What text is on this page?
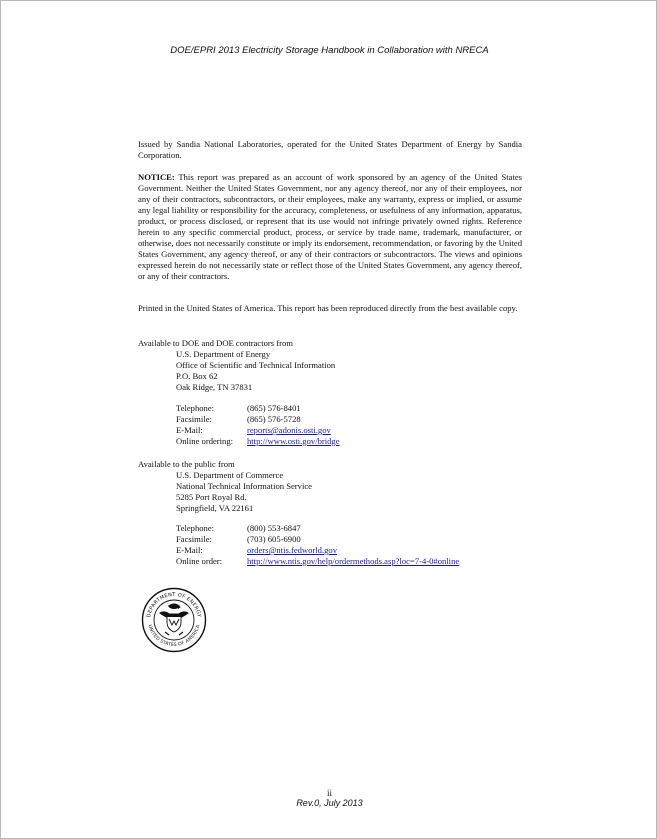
DOE/EPRI 2013 Electricity Storage Handbook in Collaboration with NRECA
Issued by Sandia National Laboratories, operated for the United States Department of Energy by Sandia Corporation.
NOTICE: This report was prepared as an account of work sponsored by an agency of the United States Government. Neither the United States Government, nor any agency thereof, nor any of their employees, nor any of their contractors, subcontractors, or their employees, make any warranty, express or implied, or assume any legal liability or responsibility for the accuracy, completeness, or usefulness of any information, apparatus, product, or process disclosed, or represent that its use would not infringe privately owned rights. Reference herein to any specific commercial product, process, or service by trade name, trademark, manufacturer, or otherwise, does not necessarily constitute or imply its endorsement, recommendation, or favoring by the United States Government, any agency thereof, or any of their contractors or subcontractors. The views and opinions expressed herein do not necessarily state or reflect those of the United States Government, any agency thereof, or any of their contractors.
Printed in the United States of America. This report has been reproduced directly from the best available copy.
Available to DOE and DOE contractors from
U.S. Department of Energy
Office of Scientific and Technical Information
P.O. Box 62
Oak Ridge, TN 37831
Telephone:	(865) 576-8401
Facsimile:	(865) 576-5728
E-Mail:	reports@adonis.osti.gov
Online ordering: http://www.osti.gov/bridge
Available to the public from
U.S. Department of Commerce
National Technical Information Service
5285 Port Royal Rd.
Springfield, VA 22161
Telephone:	(800) 553-6847
Facsimile:	(703) 605-6900
E-Mail:	orders@ntis.fedworld.gov
Online order:	http://www.ntis.gov/help/ordermethods.asp?loc=7-4-0#online
DEPARTMENT OF ENERGY
UNITED STATES OF AMERICA
ii
Rev.0, July 2013
